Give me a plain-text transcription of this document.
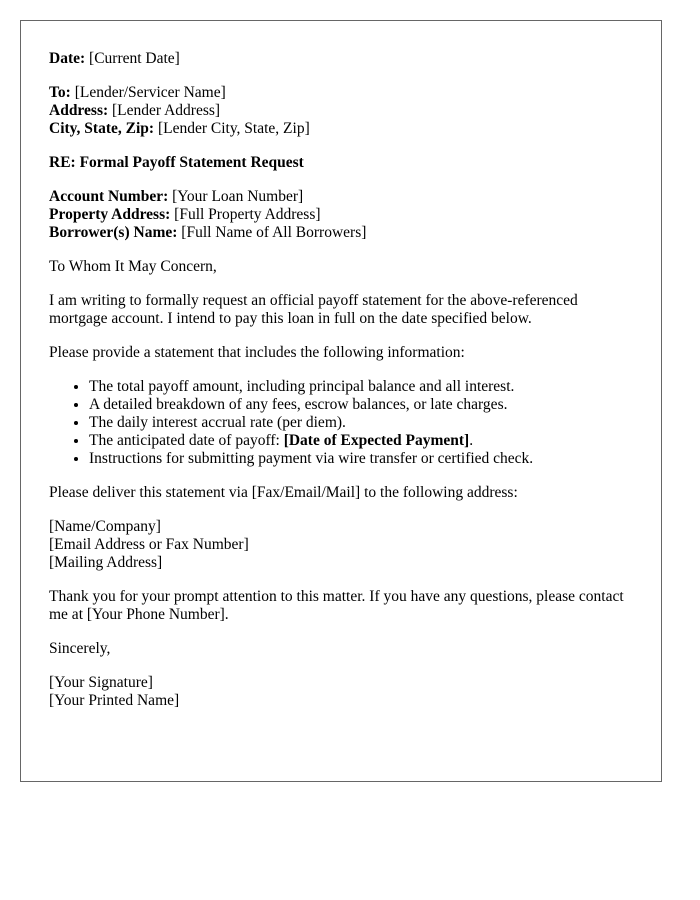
Date: [Current Date]
To: [Lender/Servicer Name]
Address: [Lender Address]
City, State, Zip: [Lender City, State, Zip]
RE: Formal Payoff Statement Request
Account Number: [Your Loan Number]
Property Address: [Full Property Address]
Borrower(s) Name: [Full Name of All Borrowers]

To Whom It May Concern,

I am writing to formally request an official payoff statement for the above-referenced mortgage account. I intend to pay this loan in full on the date specified below.

Please provide a statement that includes the following information:

• The total payoff amount, including principal balance and all interest.
• A detailed breakdown of any fees, escrow balances, or late charges.
• The daily interest accrual rate (per diem).
• The anticipated date of payoff: [Date of Expected Payment].
• Instructions for submitting payment via wire transfer or certified check.

Please deliver this statement via [Fax/Email/Mail] to the following address:

[Name/Company]
[Email Address or Fax Number]
[Mailing Address]

Thank you for your prompt attention to this matter. If you have any questions, please contact me at [Your Phone Number].

Sincerely,

[Your Signature]
[Your Printed Name]
